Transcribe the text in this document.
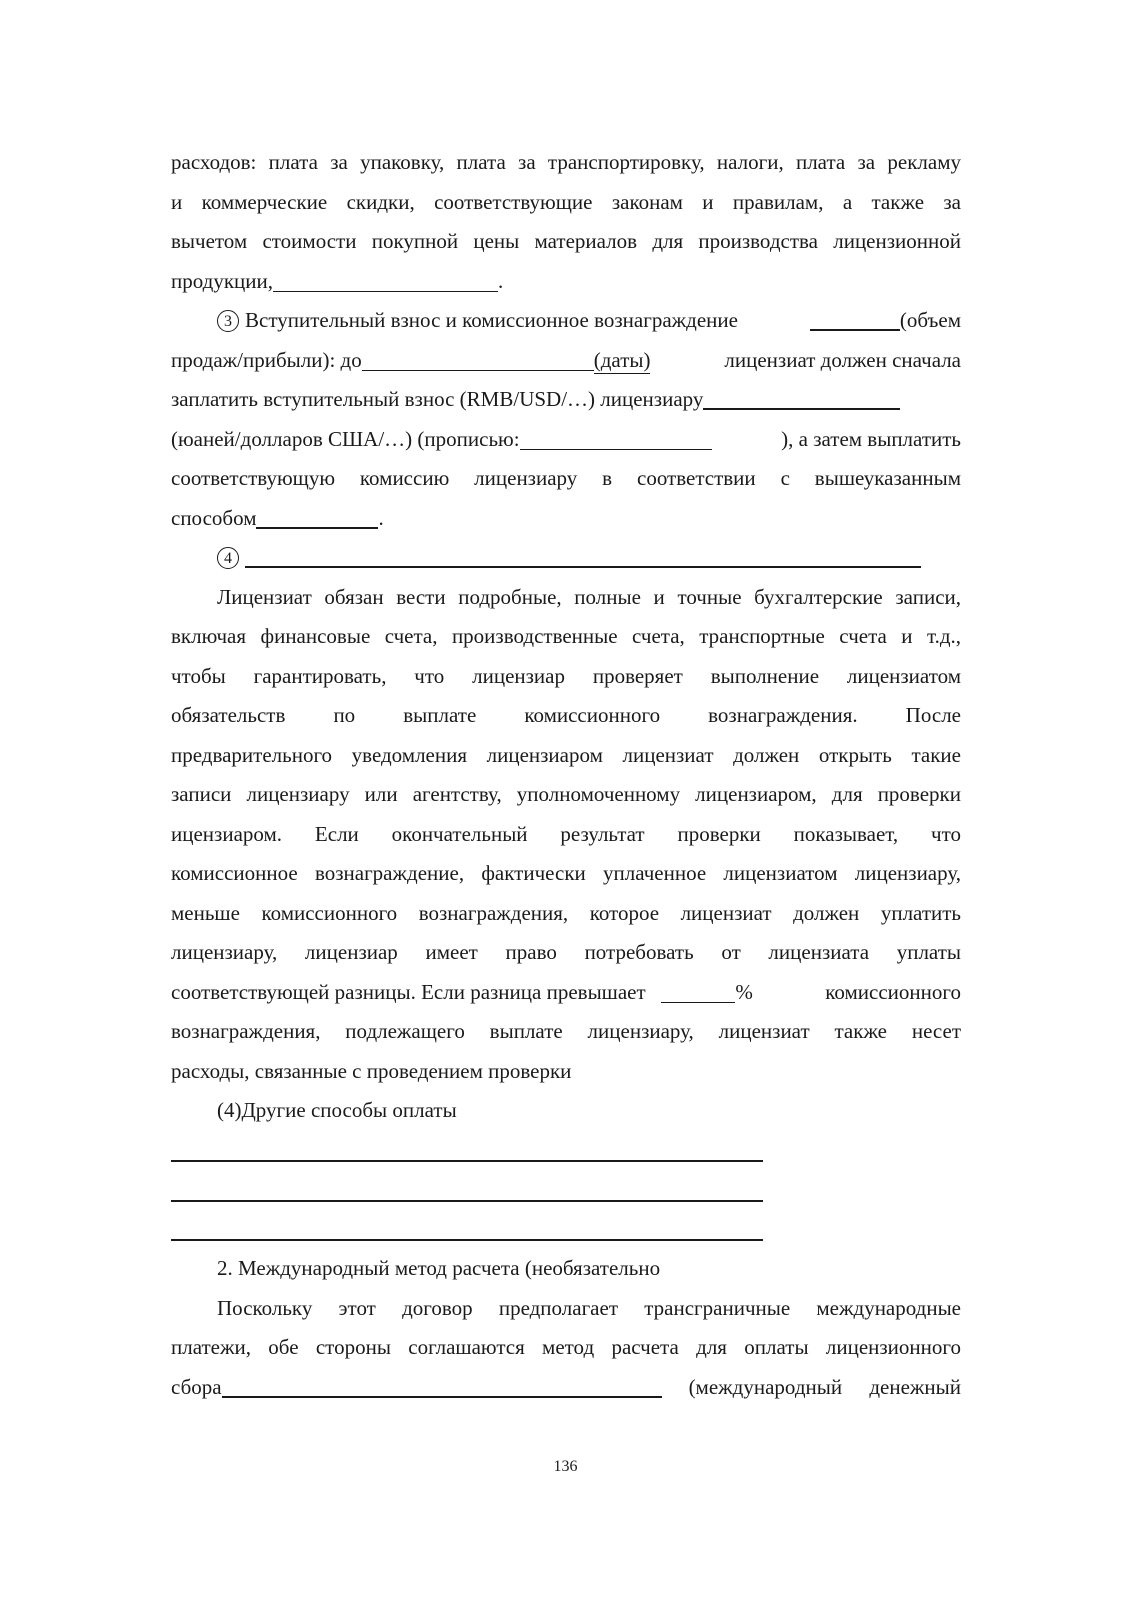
расходов: плата за упаковку, плата за транспортировку, налоги, плата за рекламу
и коммерческие скидки, соответствующие законам и правилам, а также за
вычетом стоимости покупной цены материалов для производства лицензионной
продукции,	.
3 Вступительный взнос и комиссионное вознаграждение	(объем
продаж/прибыли): до	(даты)	лицензиат должен сначала
заплатить вступительный взнос (RMB/USD/…) лицензиару
(юаней/долларов США/…) (прописью:	), а затем выплатить
соответствующую комиссию лицензиару в соответствии с вышеуказанным
способом	.
4
Лицензиат обязан вести подробные, полные и точные бухгалтерские записи,
включая финансовые счета, производственные счета, транспортные счета и т.д.,
чтобы гарантировать, что лицензиар проверяет выполнение лицензиатом
обязательств по выплате комиссионного вознаграждения. После
предварительного уведомления лицензиаром лицензиат должен открыть такие
записи лицензиару или агентству, уполномоченному лицензиаром, для проверки
ицензиаром. Если окончательный результат проверки показывает, что
комиссионное вознаграждение, фактически уплаченное лицензиатом лицензиару,
меньше комиссионного вознаграждения, которое лицензиат должен уплатить
лицензиару, лицензиар имеет право потребовать от лицензиата уплаты
соответствующей разницы. Если разница превышает	%	комиссионного
вознаграждения, подлежащего выплате лицензиару, лицензиат также несет
расходы, связанные с проведением проверки
(4)Другие способы оплаты
2. Международный метод расчета (необязательно
Поскольку этот договор предполагает трансграничные международные
платежи, обе стороны соглашаются метод расчета для оплаты лицензионного
сбора	(международный денежный
136
